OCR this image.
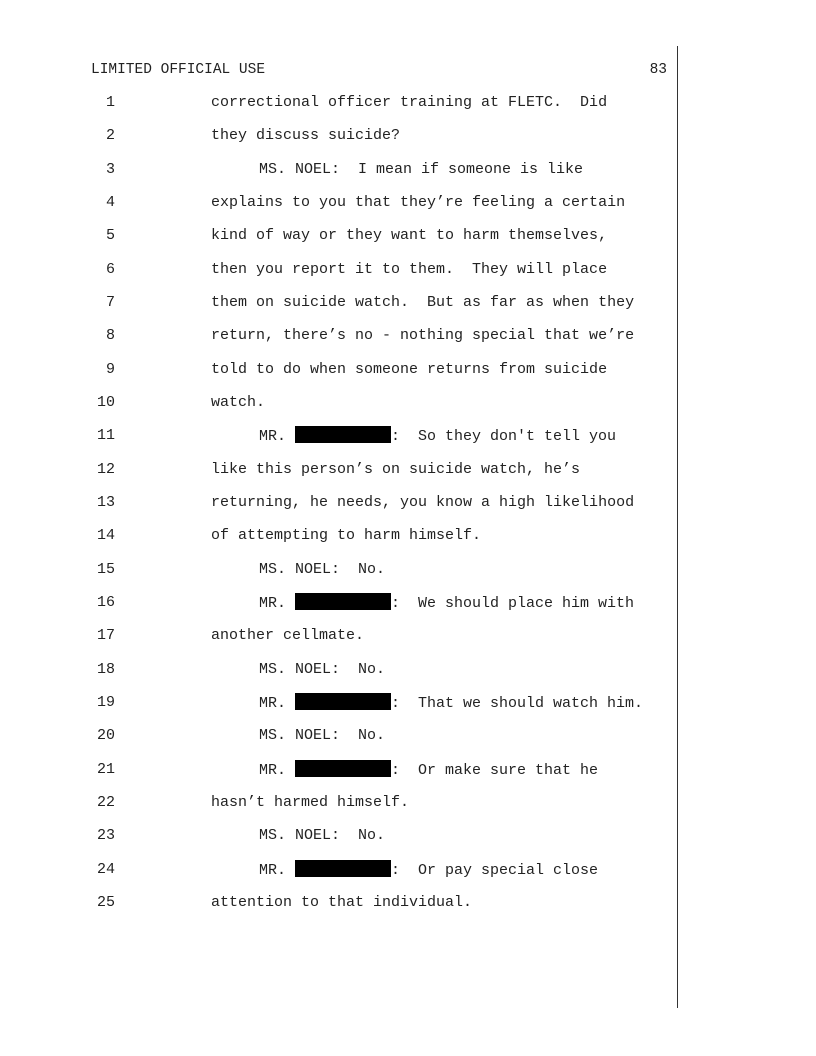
LIMITED OFFICIAL USE	83
1	correctional officer training at FLETC.  Did
2	they discuss suicide?
3	MS. NOEL:  I mean if someone is like
4	explains to you that they’re feeling a certain
5	kind of way or they want to harm themselves,
6	then you report it to them.  They will place
7	them on suicide watch.  But as far as when they
8	return, there’s no - nothing special that we’re
9	told to do when someone returns from suicide
10	watch.
11	MR.	:  So they don't tell you
12	like this person’s on suicide watch, he’s
13	returning, he needs, you know a high likelihood
14	of attempting to harm himself.
15	MS. NOEL:  No.
16	MR.	:  We should place him with
17	another cellmate.
18	MS. NOEL:  No.
19	MR.	:  That we should watch him.
20	MS. NOEL:  No.
21	MR.	:  Or make sure that he
22	hasn’t harmed himself.
23	MS. NOEL:  No.
24	MR.	:  Or pay special close
25	attention to that individual.
